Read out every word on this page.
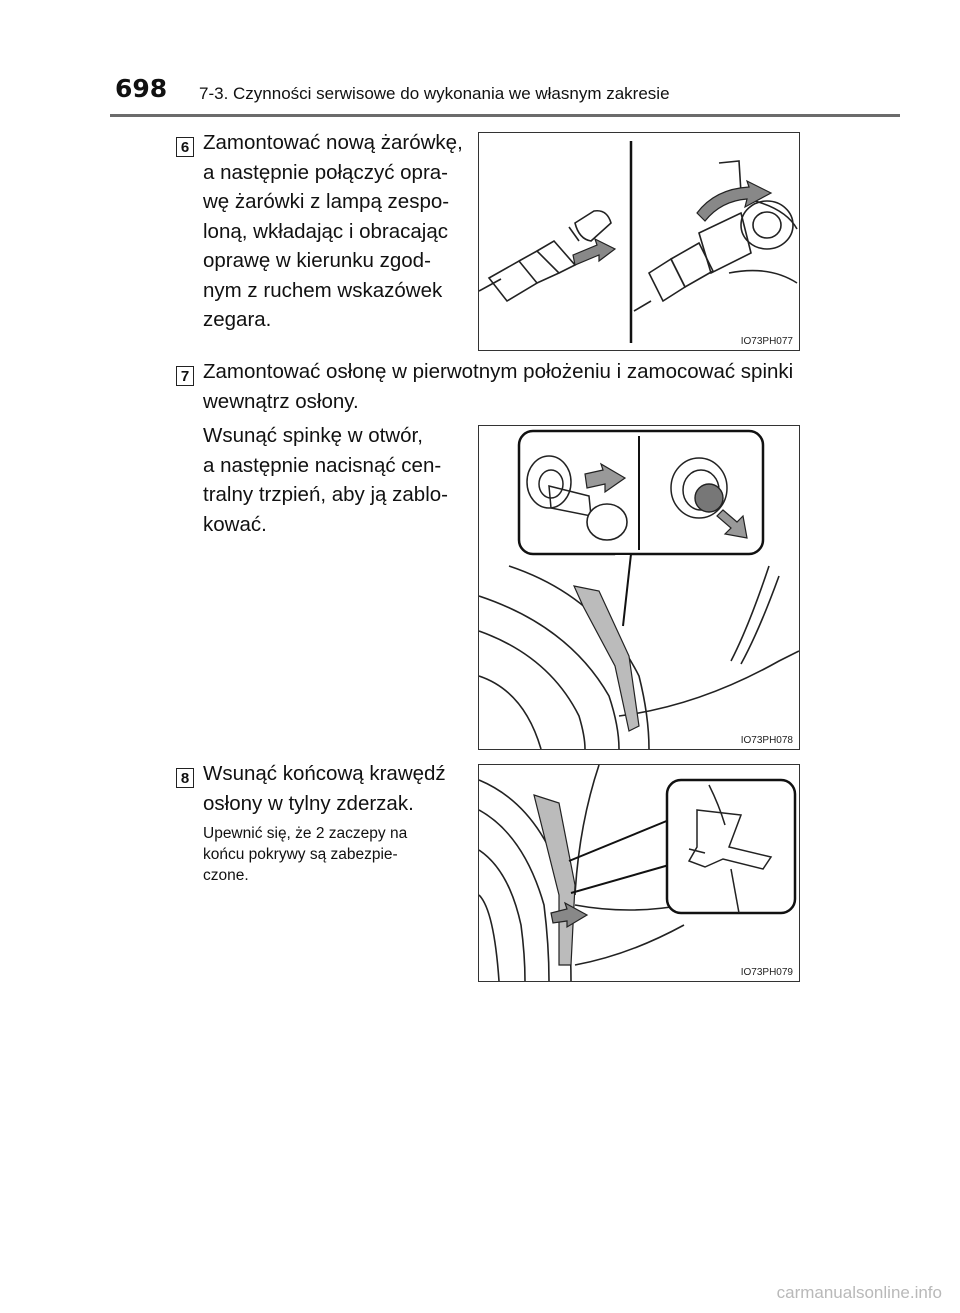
698 7-3. Czynności serwisowe do wykonania we własnym zakresie
6 Zamontować nową żarówkę,
a następnie połączyć opra-
wę żarówki z lampą zespo-
loną, wkładając i obracając
oprawę w kierunku zgod-
nym z ruchem wskazówek
zegara.
IO73PH077
7 Zamontować osłonę w pierwotnym położeniu i zamocować spinki
wewnątrz osłony.
Wsunąć spinkę w otwór,
a następnie nacisnąć cen-
tralny trzpień, aby ją zablo-
kować.
IO73PH078
8 Wsunąć końcową krawędź
osłony w tylny zderzak.
Upewnić się, że 2 zaczepy na
końcu pokrywy są zabezpie-
czone.
IO73PH079
carmanualsonline.info
